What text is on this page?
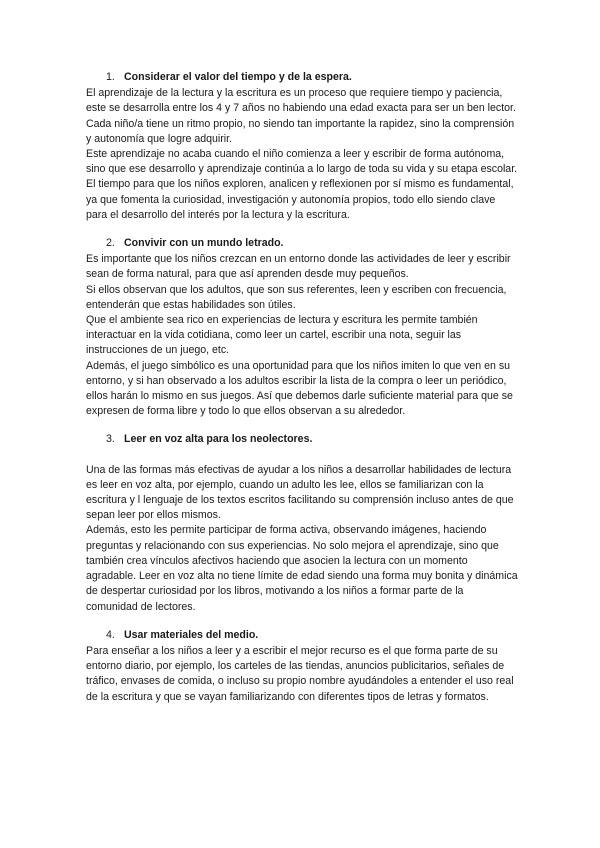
1. Considerar el valor del tiempo y de la espera.

El aprendizaje de la lectura y la escritura es un proceso que requiere tiempo y paciencia, este se desarrolla entre los 4 y 7 años no habiendo una edad exacta para ser un ben lector. Cada niño/a tiene un ritmo propio, no siendo tan importante la rapidez, sino la comprensión y autonomía que logre adquirir.

Este aprendizaje no acaba cuando el niño comienza a leer y escribir de forma autónoma, sino que ese desarrollo y aprendizaje continúa a lo largo de toda su vida y su etapa escolar.

El tiempo para que los niños exploren, analicen y reflexionen por sí mismo es fundamental, ya que fomenta la curiosidad, investigación y autonomía propios, todo ello siendo clave para el desarrollo del interés por la lectura y la escritura.

2. Convivir con un mundo letrado.

Es importante que los niños crezcan en un entorno donde las actividades de leer y escribir sean de forma natural, para que así aprenden desde muy pequeños.

Si ellos observan que los adultos, que son sus referentes, leen y escriben con frecuencia, entenderán que estas habilidades son útiles.

Que el ambiente sea rico en experiencias de lectura y escritura les permite también interactuar en la vida cotidiana, como leer un cartel, escribir una nota, seguir las instrucciones de un juego, etc.

Además, el juego simbólico es una oportunidad para que los niños imiten lo que ven en su entorno, y si han observado a los adultos escribir la lista de la compra o leer un periódico, ellos harán lo mismo en sus juegos. Así que debemos darle suficiente material para que se expresen de forma libre y todo lo que ellos observan a su alrededor.

3. Leer en voz alta para los neolectores.

Una de las formas más efectivas de ayudar a los niños a desarrollar habilidades de lectura es leer en voz alta, por ejemplo, cuando un adulto les lee, ellos se familiarizan con la escritura y l lenguaje de los textos escritos facilitando su comprensión incluso antes de que sepan leer por ellos mismos.

Además, esto les permite participar de forma activa, observando imágenes, haciendo preguntas y relacionando con sus experiencias. No solo mejora el aprendizaje, sino que también crea vínculos afectivos haciendo que asocien la lectura con un momento agradable. Leer en voz alta no tiene límite de edad siendo una forma muy bonita y dinámica de despertar curiosidad por los libros, motivando a los niños a formar parte de la comunidad de lectores.

4. Usar materiales del medio.

Para enseñar a los niños a leer y a escribir el mejor recurso es el que forma parte de su entorno diario, por ejemplo, los carteles de las tiendas, anuncios publicitarios, señales de tráfico, envases de comida, o incluso su propio nombre ayudándoles a entender el uso real de la escritura y que se vayan familiarizando con diferentes tipos de letras y formatos.
